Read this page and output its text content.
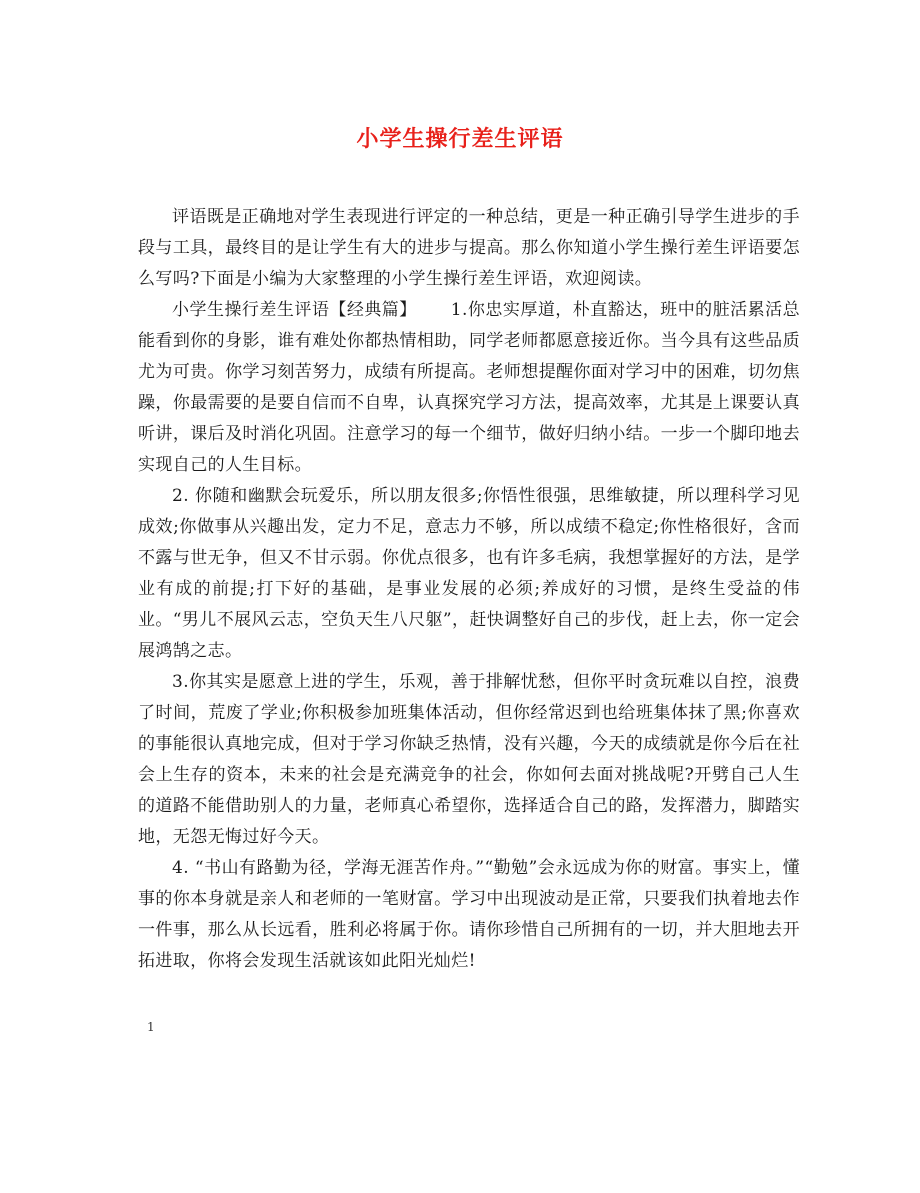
小学生操行差生评语

评语既是正确地对学生表现进行评定的一种总结，更是一种正确引导学生进步的手段与工具，最终目的是让学生有大的进步与提高。那么你知道小学生操行差生评语要怎么写吗?下面是小编为大家整理的小学生操行差生评语，欢迎阅读。

小学生操行差生评语【经典篇】 1.你忠实厚道，朴直豁达，班中的脏活累活总能看到你的身影，谁有难处你都热情相助，同学老师都愿意接近你。当今具有这些品质尤为可贵。你学习刻苦努力，成绩有所提高。老师想提醒你面对学习中的困难，切勿焦躁，你最需要的是要自信而不自卑，认真探究学习方法，提高效率，尤其是上课要认真听讲，课后及时消化巩固。注意学习的每一个细节，做好归纳小结。一步一个脚印地去实现自己的人生目标。

2. 你随和幽默会玩爱乐，所以朋友很多;你悟性很强，思维敏捷，所以理科学习见成效;你做事从兴趣出发，定力不足，意志力不够，所以成绩不稳定;你性格很好，含而不露与世无争，但又不甘示弱。你优点很多，也有许多毛病，我想掌握好的方法，是学业有成的前提;打下好的基础，是事业发展的必须;养成好的习惯，是终生受益的伟业。“男儿不展风云志，空负天生八尺躯”，赶快调整好自己的步伐，赶上去，你一定会展鸿鹄之志。

3.你其实是愿意上进的学生，乐观，善于排解忧愁，但你平时贪玩难以自控，浪费了时间，荒废了学业;你积极参加班集体活动，但你经常迟到也给班集体抹了黑;你喜欢的事能很认真地完成，但对于学习你缺乏热情，没有兴趣，今天的成绩就是你今后在社会上生存的资本，未来的社会是充满竞争的社会，你如何去面对挑战呢?开劈自己人生的道路不能借助别人的力量，老师真心希望你，选择适合自己的路，发挥潜力，脚踏实地，无怨无悔过好今天。

4. “书山有路勤为径，学海无涯苦作舟。”“勤勉”会永远成为你的财富。事实上，懂事的你本身就是亲人和老师的一笔财富。学习中出现波动是正常，只要我们执着地去作一件事，那么从长远看，胜利必将属于你。请你珍惜自己所拥有的一切，并大胆地去开拓进取，你将会发现生活就该如此阳光灿烂!

1
